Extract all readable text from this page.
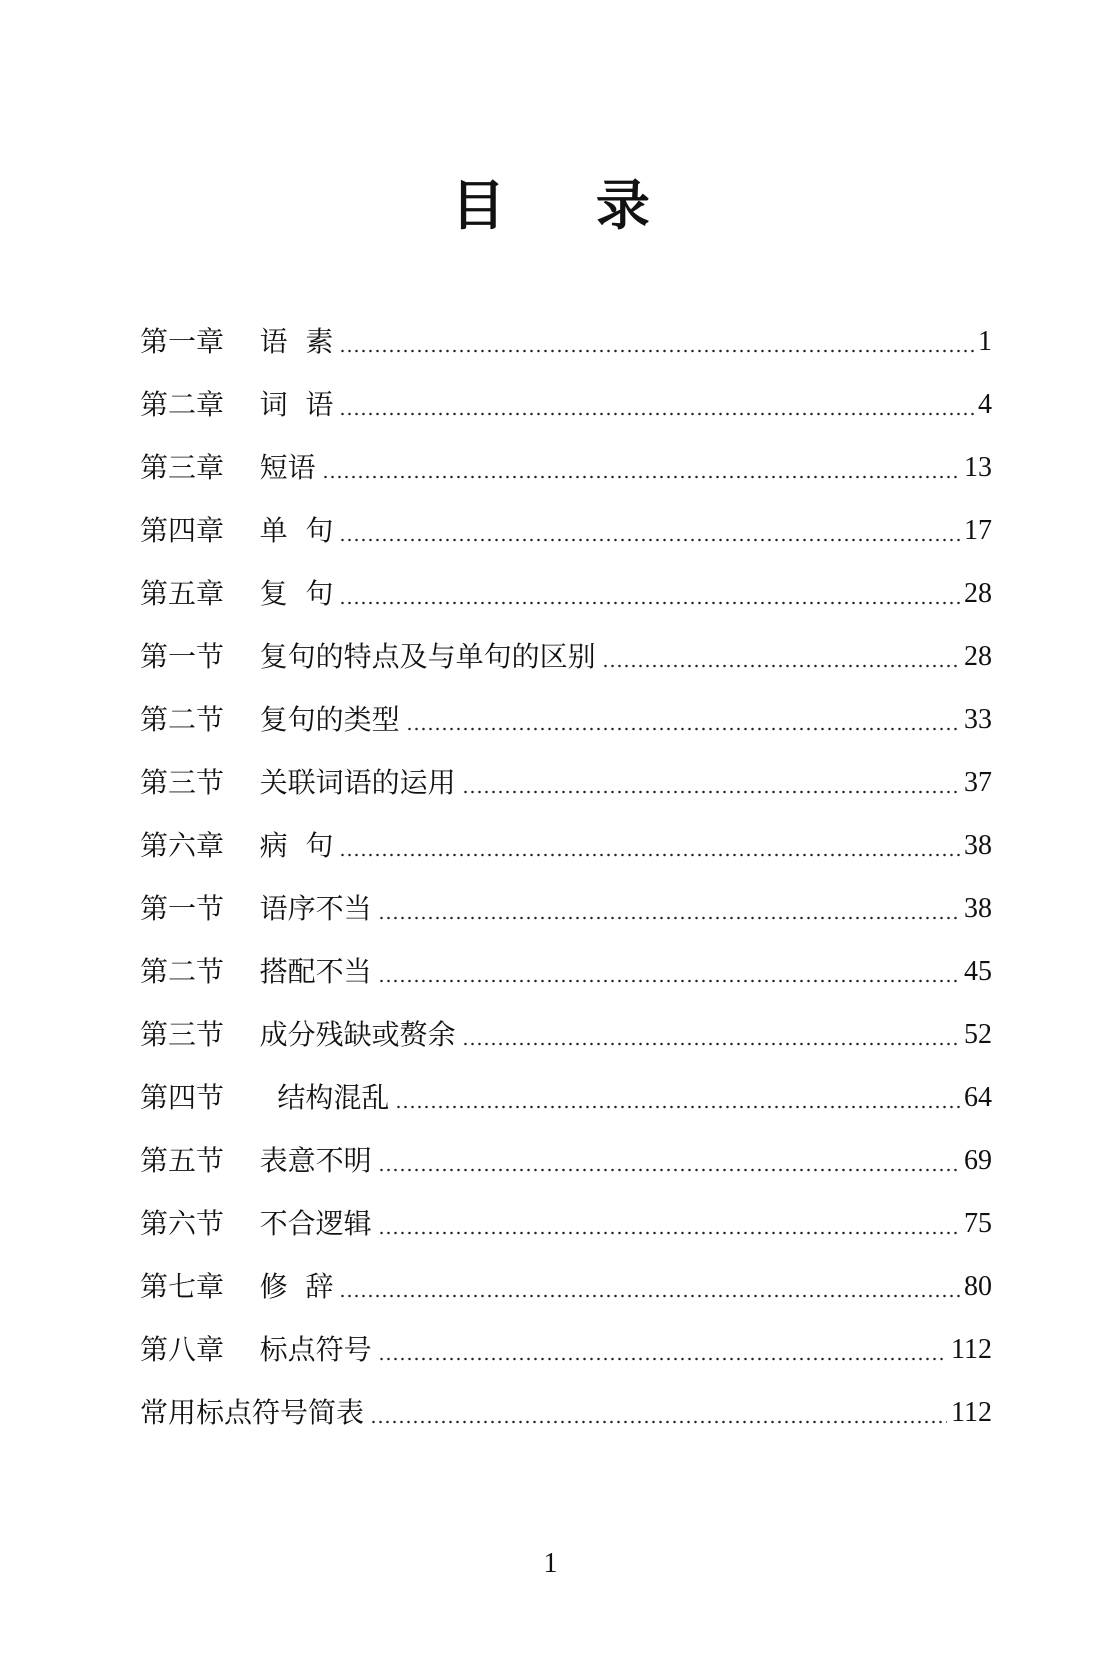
目 录
第一章    语  素	1
第二章    词  语	4
第三章    短语	13
第四章    单  句	17
第五章    复  句	28
第一节    复句的特点及与单句的区别	28
第二节    复句的类型	33
第三节    关联词语的运用	37
第六章    病  句	38
第一节    语序不当	38
第二节    搭配不当	45
第三节    成分残缺或赘余	52
第四节      结构混乱	64
第五节    表意不明	69
第六节    不合逻辑	75
第七章    修  辞	80
第八章    标点符号	112
常用标点符号简表	112
1
